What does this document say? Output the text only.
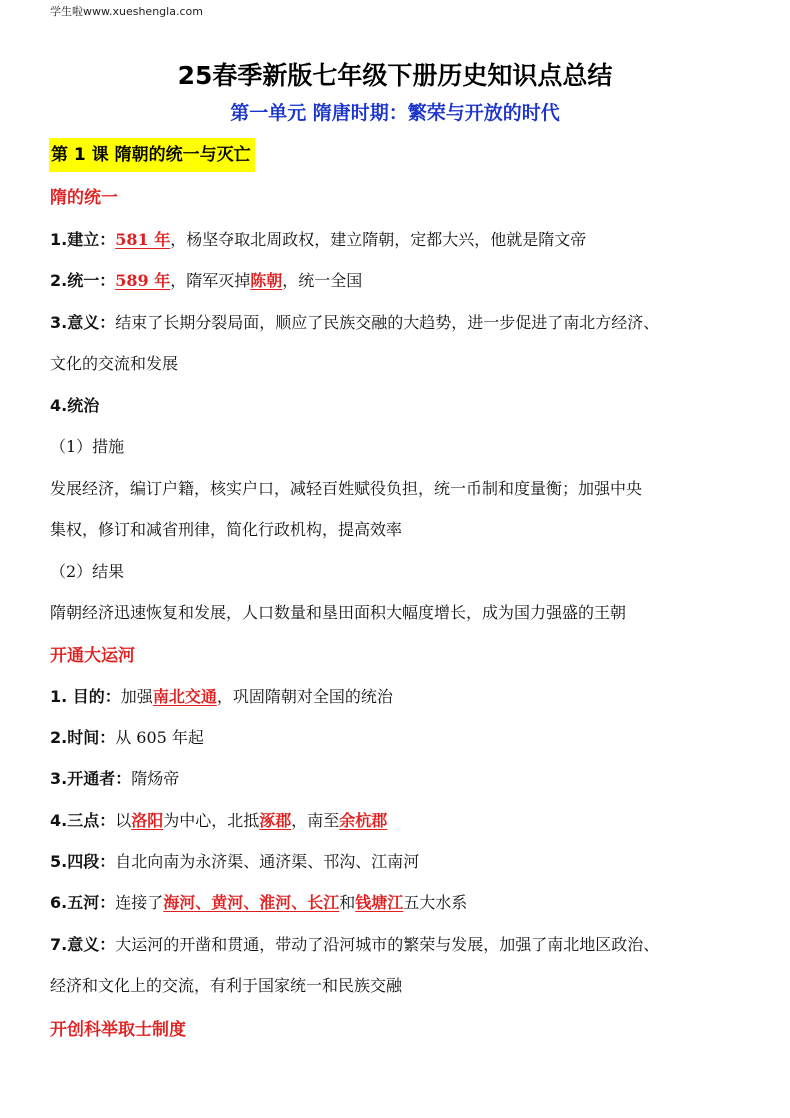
学生啦www.xueshengla.com
25春季新版七年级下册历史知识点总结
第一单元 隋唐时期：繁荣与开放的时代
第 1 课 隋朝的统一与灭亡
隋的统一
1.建立：581 年，杨坚夺取北周政权，建立隋朝，定都大兴，他就是隋文帝
2.统一：589 年，隋军灭掉陈朝，统一全国
3.意义：结束了长期分裂局面，顺应了民族交融的大趋势，进一步促进了南北方经济、
文化的交流和发展
4.统治
（1）措施
发展经济，编订户籍，核实户口，减轻百姓赋役负担，统一币制和度量衡；加强中央
集权，修订和减省刑律，简化行政机构，提高效率
（2）结果
隋朝经济迅速恢复和发展，人口数量和垦田面积大幅度增长，成为国力强盛的王朝
开通大运河
1. 目的：加强南北交通，巩固隋朝对全国的统治
2.时间：从 605 年起
3.开通者：隋炀帝
4.三点：以洛阳为中心，北抵涿郡，南至余杭郡
5.四段：自北向南为永济渠、通济渠、邗沟、江南河
6.五河：连接了海河、黄河、淮河、长江和钱塘江五大水系
7.意义：大运河的开凿和贯通，带动了沿河城市的繁荣与发展，加强了南北地区政治、
经济和文化上的交流，有利于国家统一和民族交融
开创科举取士制度
